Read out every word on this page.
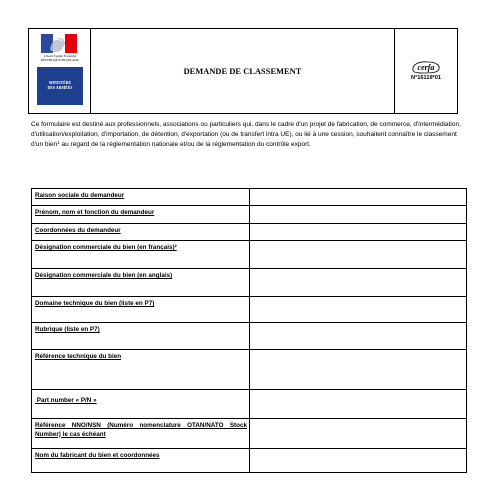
Liberté Égalité Fraternité
RÉPUBLIQUE FRANÇAISE
MINISTÈRE
DES ARMÉES
DEMANDE DE CLASSEMENT	cerfa
N°16119*01

Ce formulaire est destiné aux professionnels, associations ou particuliers qui, dans le cadre d'un projet de fabrication, de commerce, d'intermédiation, d'utilisation/exploitation, d'importation, de détention, d'exportation (ou de transfert intra UE), ou lié à une cession, souhaitent connaître le classement d'un bien$^1$ au regard de la réglementation nationale et/ou de la réglementation du contrôle export.

Raison sociale du demandeur
Prénom, nom et fonction du demandeur
Coordonnées du demandeur
Désignation commerciale du bien (en français)²
Désignation commerciale du bien (en anglais)
Domaine technique du bien (liste en P7)
Rubrique (liste en P7)
Référence technique du bien
Part number « P/N »
Référence NNO/NSN (Numéro nomenclature OTAN/NATO Stock Number) le cas échéant
Nom du fabricant du bien et coordonnées
